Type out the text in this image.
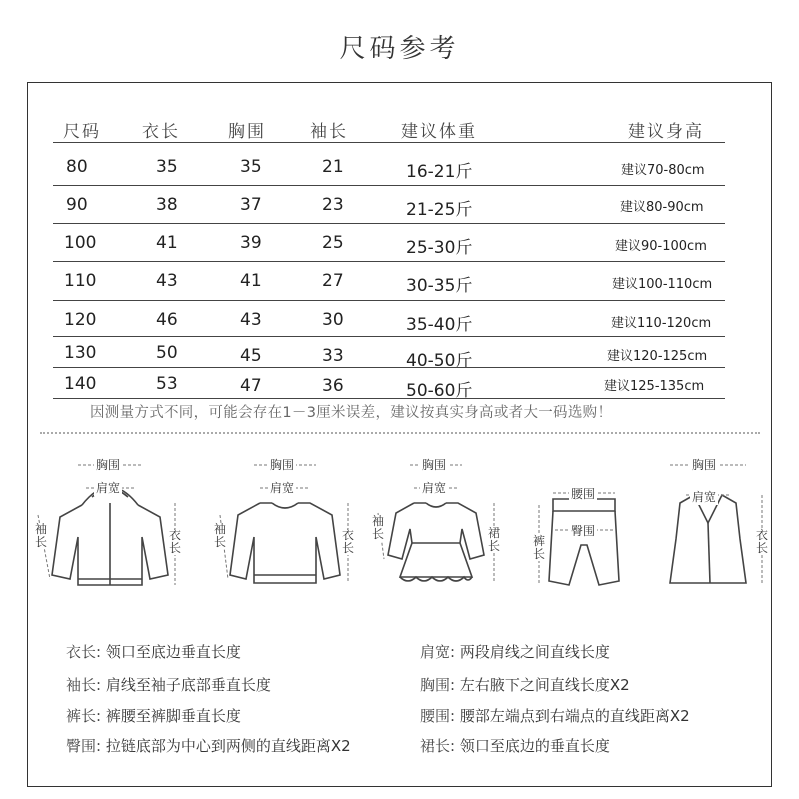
尺码参考
尺码 衣长	胸围	袖长	建议体重	建议身高
80	35	35	21	16-21斤	建议70-80cm
90	38	37	23	21-25斤	建议80-90cm
100	41	39	25	25-30斤	建议90-100cm
110	43	41	27	30-35斤	建议100-110cm
120	46	43	30	35-40斤	建议110-120cm
130	50	45	33	40-50斤	建议120-125cm
140	53	47	36	50-60斤	建议125-135cm
因测量方式不同，可能会存在1－3厘米误差，建议按真实身高或者大一码选购！
胸围
肩宽
袖长	衣长
胸围
肩宽
袖长	衣长
胸围
肩宽
袖长	裙长
腰围
臀围
裤长
胸围
肩宽
衣长
衣长: 领口至底边垂直长度	肩宽: 两段肩线之间直线长度
袖长: 肩线至袖子底部垂直长度	胸围: 左右腋下之间直线长度X2
裤长: 裤腰至裤脚垂直长度	腰围: 腰部左端点到右端点的直线距离X2
臀围: 拉链底部为中心到两侧的直线距离X2	裙长: 领口至底边的垂直长度
